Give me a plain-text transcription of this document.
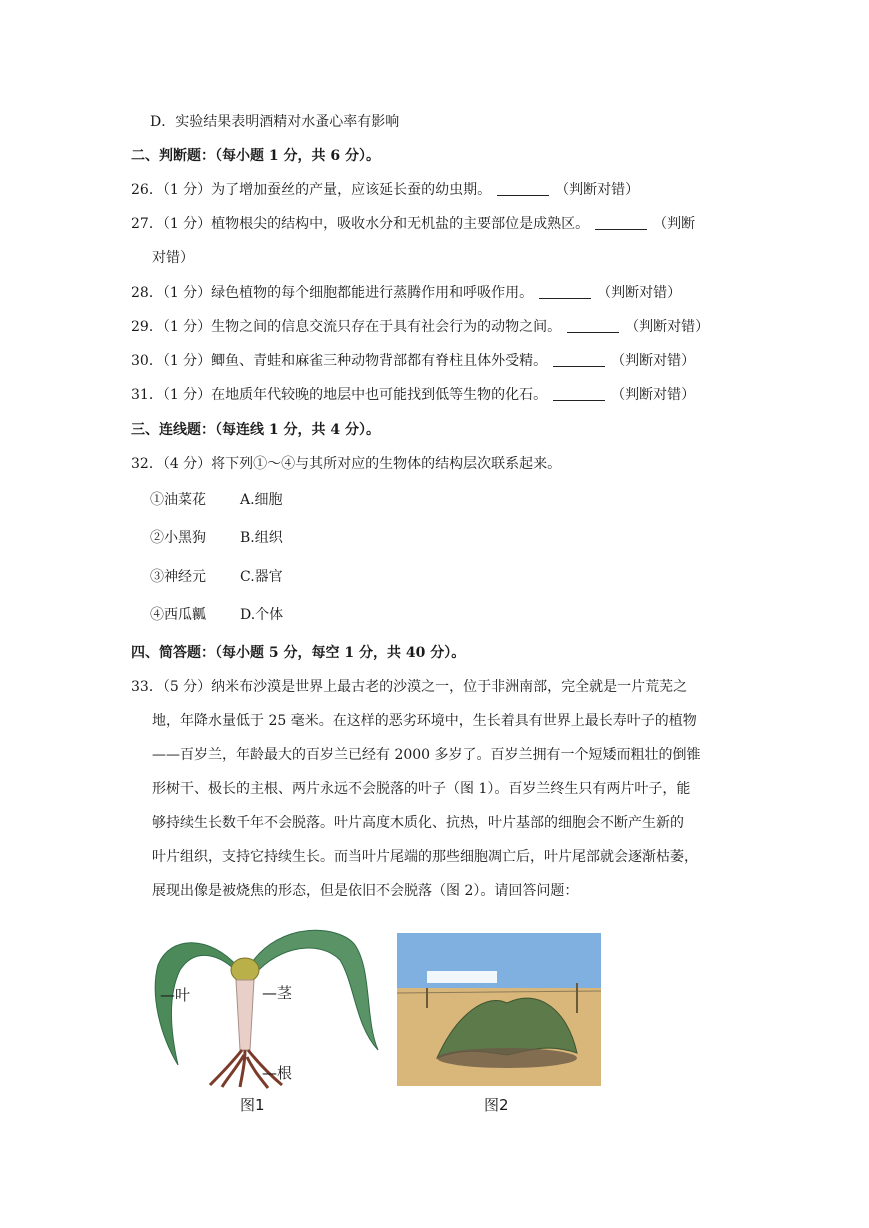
D．实验结果表明酒精对水蚤心率有影响
二、判断题：（每小题 1 分，共 6 分）。
26．（1 分）为了增加蚕丝的产量，应该延长蚕的幼虫期。	（判断对错）
27．（1 分）植物根尖的结构中，吸收水分和无机盐的主要部位是成熟区。	（判断
对错）
28．（1 分）绿色植物的每个细胞都能进行蒸腾作用和呼吸作用。	（判断对错）
29．（1 分）生物之间的信息交流只存在于具有社会行为的动物之间。	（判断对错）
30．（1 分）鲫鱼、青蛙和麻雀三种动物背部都有脊柱且体外受精。	（判断对错）
31．（1 分）在地质年代较晚的地层中也可能找到低等生物的化石。	（判断对错）
三、连线题：（每连线 1 分，共 4 分）。
32．（4 分）将下列①～④与其所对应的生物体的结构层次联系起来。
①油菜花 A.细胞
②小黑狗 B.组织
③神经元 C.器官
④西瓜瓤 D.个体
四、简答题：（每小题 5 分，每空 1 分，共 40 分）。
33．（5 分）纳米布沙漠是世界上最古老的沙漠之一，位于非洲南部，完全就是一片荒芜之
地，年降水量低于 25 毫米。在这样的恶劣环境中，生长着具有世界上最长寿叶子的植物
——百岁兰，年龄最大的百岁兰已经有 2000 多岁了。百岁兰拥有一个短矮而粗壮的倒锥
形树干、极长的主根、两片永远不会脱落的叶子（图 1）。百岁兰终生只有两片叶子，能
够持续生长数千年不会脱落。叶片高度木质化、抗热，叶片基部的细胞会不断产生新的
叶片组织，支持它持续生长。而当叶片尾端的那些细胞凋亡后，叶片尾部就会逐渐枯萎，
展现出像是被烧焦的形态，但是依旧不会脱落（图 2）。请回答问题：
—叶	—茎
—根
图1	图2
